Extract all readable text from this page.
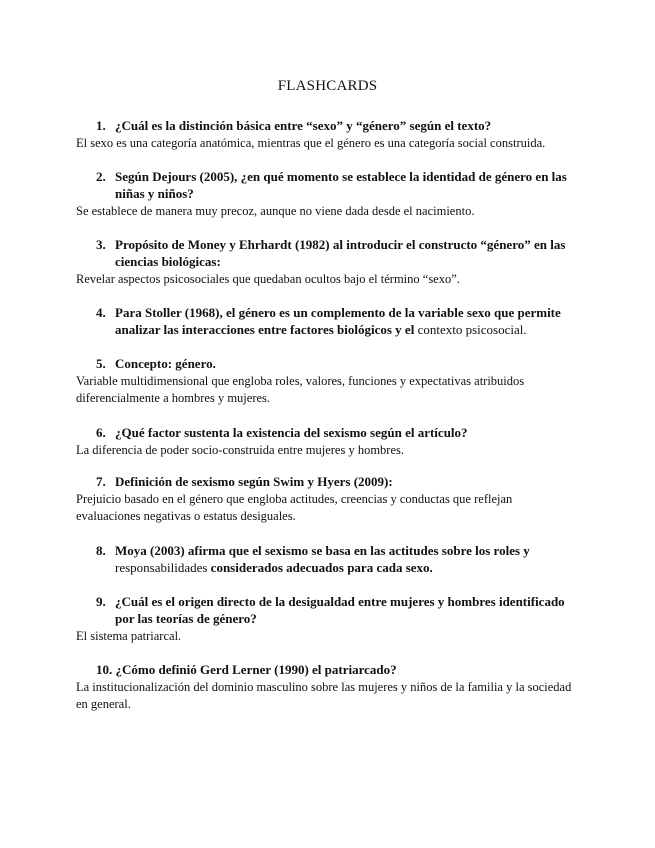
FLASHCARDS
1. ¿Cuál es la distinción básica entre “sexo” y “género” según el texto?
El sexo es una categoría anatómica, mientras que el género es una categoría social construida.
2. Según Dejours (2005), ¿en qué momento se establece la identidad de género en las niñas y niños?
Se establece de manera muy precoz, aunque no viene dada desde el nacimiento.
3. Propósito de Money y Ehrhardt (1982) al introducir el constructo “género” en las ciencias biológicas:
Revelar aspectos psicosociales que quedaban ocultos bajo el término “sexo”.
4. Para Stoller (1968), el género es un complemento de la variable sexo que permite analizar las interacciones entre factores biológicos y el contexto psicosocial.
5. Concepto: género.
Variable multidimensional que engloba roles, valores, funciones y expectativas atribuidos diferencialmente a hombres y mujeres.
6. ¿Qué factor sustenta la existencia del sexismo según el artículo?
La diferencia de poder socio-construida entre mujeres y hombres.
7. Definición de sexismo según Swim y Hyers (2009):
Prejuicio basado en el género que engloba actitudes, creencias y conductas que reflejan evaluaciones negativas o estatus desiguales.
8. Moya (2003) afirma que el sexismo se basa en las actitudes sobre los roles y responsabilidades considerados adecuados para cada sexo.
9. ¿Cuál es el origen directo de la desigualdad entre mujeres y hombres identificado por las teorías de género?
El sistema patriarcal.
10. ¿Cómo definió Gerd Lerner (1990) el patriarcado?
La institucionalización del dominio masculino sobre las mujeres y niños de la familia y la sociedad en general.
